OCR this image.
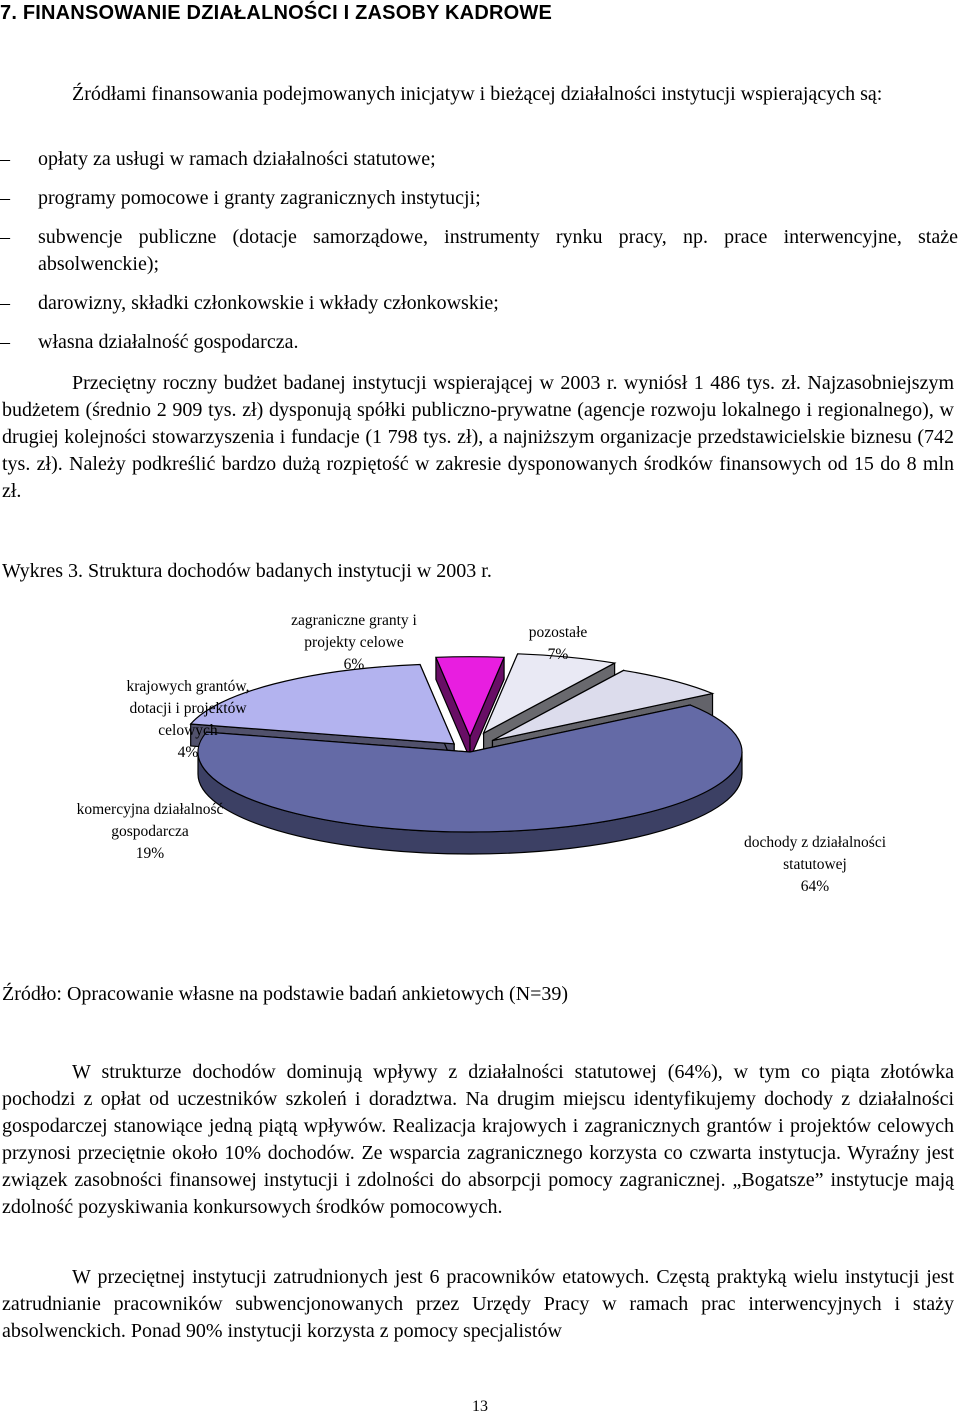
7. FINANSOWANIE DZIAŁALNOŚCI I ZASOBY KADROWE

Źródłami finansowania podejmowanych inicjatyw i bieżącej działalności instytucji wspierających są:

–	opłaty za usługi w ramach działalności statutowe;
–	programy pomocowe i granty zagranicznych instytucji;
–	subwencje publiczne (dotacje samorządowe, instrumenty rynku pracy, np. prace interwencyjne, staże absolwenckie);
–	darowizny, składki członkowskie i wkłady członkowskie;
–	własna działalność gospodarcza.

Przeciętny roczny budżet badanej instytucji wspierającej w 2003 r. wyniósł 1 486 tys. zł. Najzasobniejszym budżetem (średnio 2 909 tys. zł) dysponują spółki publiczno-prywatne (agencje rozwoju lokalnego i regionalnego), w drugiej kolejności stowarzyszenia i fundacje (1 798 tys. zł), a najniższym organizacje przedstawicielskie biznesu (742 tys. zł). Należy podkreślić bardzo dużą rozpiętość w zakresie dysponowanych środków finansowych od 15 do 8 mln zł.

Wykres 3. Struktura dochodów badanych instytucji w 2003 r.

krajowych grantów,
dotacji i projektów
celowych
4%
zagraniczne granty i
projekty celowe
6%
pozostałe
7%
komercyjna działalność
gospodarcza
19%
dochody z działalności
statutowej
64%

Źródło: Opracowanie własne na podstawie badań ankietowych (N=39)

W strukturze dochodów dominują wpływy z działalności statutowej (64%), w tym co piąta złotówka pochodzi z opłat od uczestników szkoleń i doradztwa. Na drugim miejscu identyfikujemy dochody z działalności gospodarczej stanowiące jedną piątą wpływów. Realizacja krajowych i zagranicznych grantów i projektów celowych przynosi przeciętnie około 10% dochodów. Ze wsparcia zagranicznego korzysta co czwarta instytucja. Wyraźny jest związek zasobności finansowej instytucji i zdolności do absorpcji pomocy zagranicznej. „Bogatsze” instytucje mają zdolność pozyskiwania konkursowych środków pomocowych.

W przeciętnej instytucji zatrudnionych jest 6 pracowników etatowych. Częstą praktyką wielu instytucji jest zatrudnianie pracowników subwencjonowanych przez Urzędy Pracy w ramach prac interwencyjnych i staży absolwenckich. Ponad 90% instytucji korzysta z pomocy specjalistów

13
